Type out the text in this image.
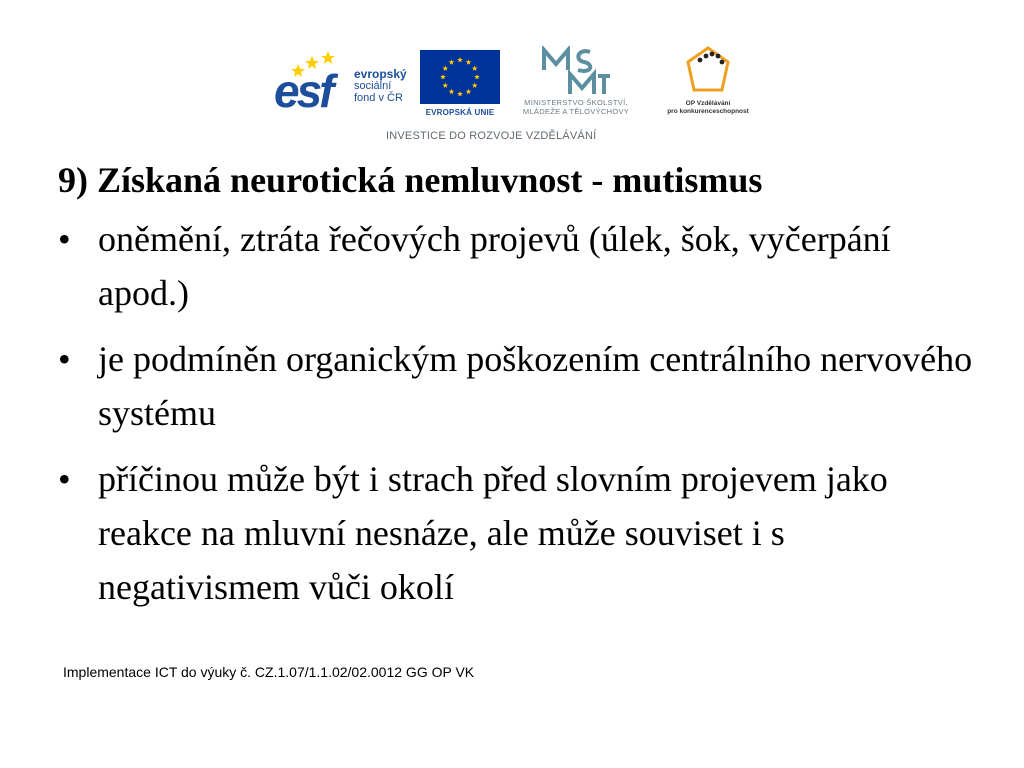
esf evropský
sociální
fond v ČR
EVROPSKÁ UNIE
MINISTERSTVO ŠKOLSTVÍ,
MLÁDEŽE A TĚLOVÝCHOVY
OP Vzdělávání
pro konkurenceschopnost
INVESTICE DO ROZVOJE VZDĚLÁVÁNÍ
9) Získaná neurotická nemluvnost - mutismus
• oněmění, ztráta řečových projevů (úlek, šok, vyčerpání apod.)
• je podmíněn organickým poškozením centrálního nervového systému
• příčinou může být i strach před slovním projevem jako reakce na mluvní nesnáze, ale může souviset i s negativismem vůči okolí
Implementace ICT do výuky č. CZ.1.07/1.1.02/02.0012 GG OP VK
